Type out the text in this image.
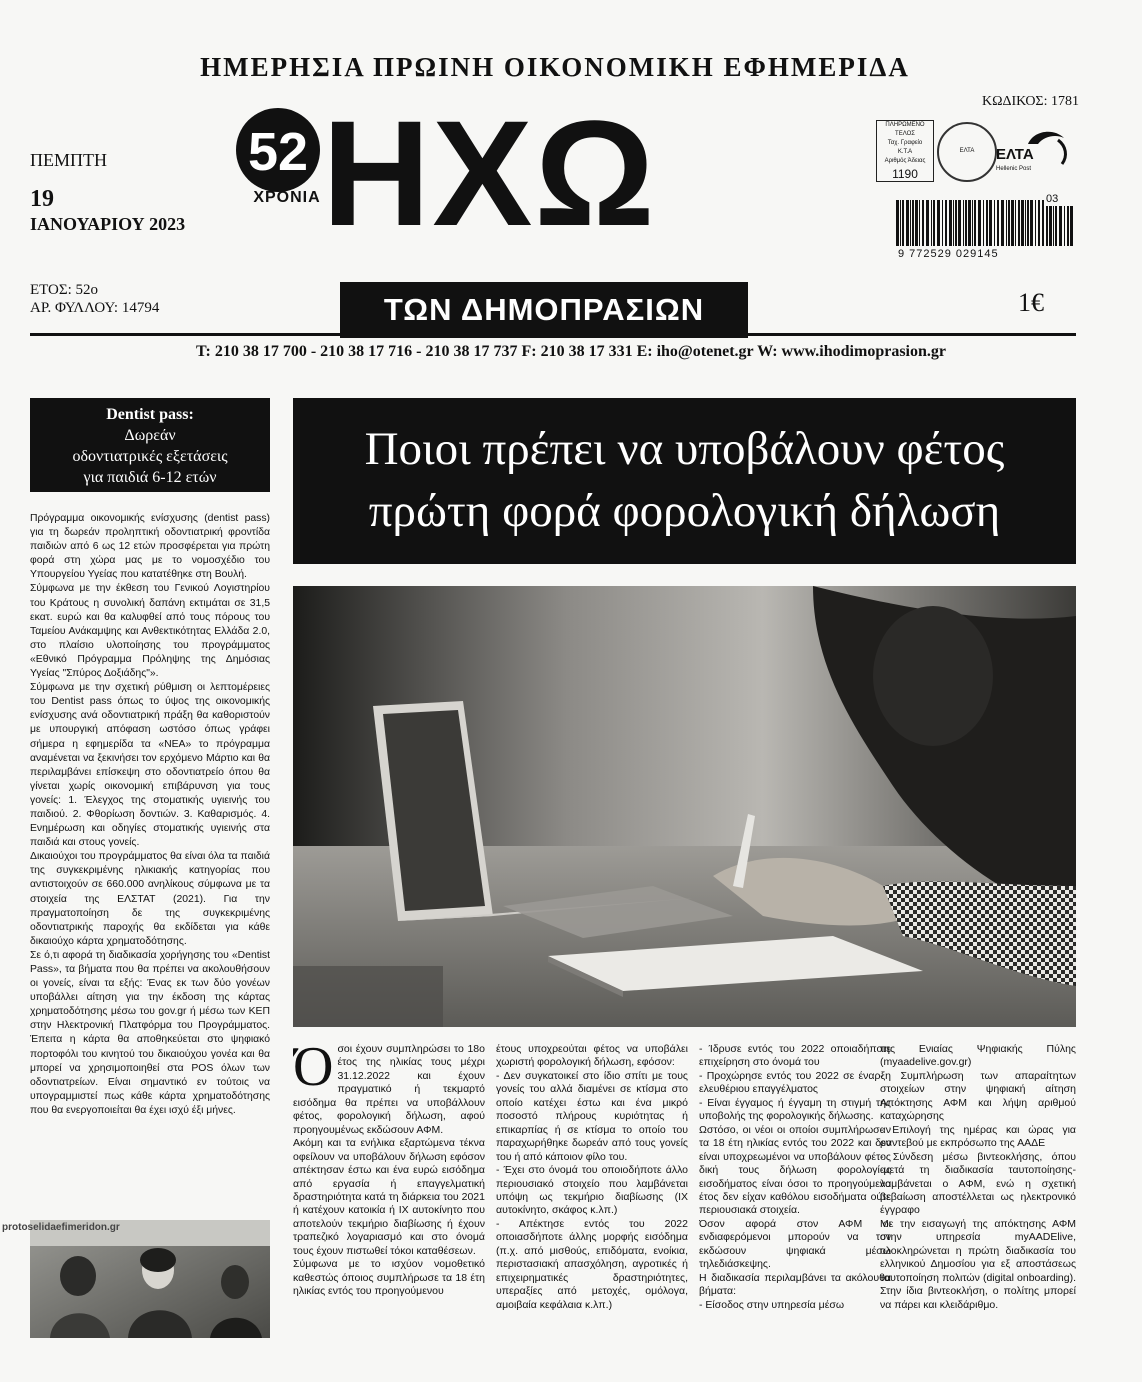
ΗΜΕΡΗΣΙΑ ΠΡΩΙΝΗ ΟΙΚΟΝΟΜΙΚΗ ΕΦΗΜΕΡΙΔΑ
ΠΕΜΠΤΗ
19
ΙΑΝΟΥΑΡΙΟΥ 2023
ΕΤΟΣ: 52ο
ΑΡ. ΦΥΛΛΟΥ: 14794
52
ΧΡΟΝΙΑ ΗΧΩ
ΤΩΝ ΔΗΜΟΠΡΑΣΙΩΝ
ΚΩΔΙΚΟΣ: 1781
ΠΛΗΡΩΜΕΝΟ
ΤΕΛΟΣ
Ταχ. Γραφείο
Κ.Τ.Α
Αριθμός Άδειας
1190
ΕΛΤΑ	ΕΛΤΑ
Hellenic Post
03
9 772529 029145
1€
T: 210 38 17 700 - 210 38 17 716 - 210 38 17 737 F: 210 38 17 331 E: iho@otenet.gr W: www.ihodimoprasion.gr
Dentist pass:
Δωρεάν
οδοντιατρικές εξετάσεις
για παιδιά 6-12 ετών

Πρόγραμμα οικονομικής ενίσχυσης (dentist pass) για τη δωρεάν προληπτική οδοντιατρική φροντίδα παιδιών από 6 ως 12 ετών προσφέρεται για πρώτη φορά στη χώρα μας με το νομοσχέδιο του Υπουργείου Υγείας που κατατέθηκε στη Βουλή.

Σύμφωνα με την έκθεση του Γενικού Λογιστηρίου του Κράτους η συνολική δαπάνη εκτιμάται σε 31,5 εκατ. ευρώ και θα καλυφθεί από τους πόρους του Ταμείου Ανάκαμψης και Ανθεκτικότητας Ελλάδα 2.0, στο πλαίσιο υλοποίησης του προγράμματος «Εθνικό Πρόγραμμα Πρόληψης της Δημόσιας Υγείας "Σπύρος Δοξιάδης"».

Σύμφωνα με την σχετική ρύθμιση οι λεπτομέρειες του Dentist pass όπως το ύψος της οικονομικής ενίσχυσης ανά οδοντιατρική πράξη θα καθοριστούν με υπουργική απόφαση ωστόσο όπως γράφει σήμερα η εφημερίδα τα «ΝΕΑ» το πρόγραμμα αναμένεται να ξεκινήσει τον ερχόμενο Μάρτιο και θα περιλαμβάνει επίσκεψη στο οδοντιατρείο όπου θα γίνεται χωρίς οικονομική επιβάρυνση για τους γονείς: 1. Έλεγχος της στοματικής υγιεινής του παιδιού. 2. Φθορίωση δοντιών. 3. Καθαρισμός. 4. Ενημέρωση και οδηγίες στοματικής υγιεινής στα παιδιά και στους γονείς.

Δικαιούχοι του προγράμματος θα είναι όλα τα παιδιά της συγκεκριμένης ηλικιακής κατηγορίας που αντιστοιχούν σε 660.000 ανηλίκους σύμφωνα με τα στοιχεία της ΕΛΣΤΑΤ (2021). Για την πραγματοποίηση δε της συγκεκριμένης οδοντιατρικής παροχής θα εκδίδεται για κάθε δικαιούχο κάρτα χρηματοδότησης.

Σε ό,τι αφορά τη διαδικασία χορήγησης του «Dentist Pass», τα βήματα που θα πρέπει να ακολουθήσουν οι γονείς, είναι τα εξής: Ένας εκ των δύο γονέων υποβάλλει αίτηση για την έκδοση της κάρτας χρηματοδότησης μέσω του gov.gr ή μέσω των ΚΕΠ στην Ηλεκτρονική Πλατφόρμα του Προγράμματος. Έπειτα η κάρτα θα αποθηκεύεται στο ψηφιακό πορτοφόλι του κινητού του δικαιούχου γονέα και θα μπορεί να χρησιμοποιηθεί στα POS όλων των οδοντιατρείων. Είναι σημαντικό εν τούτοις να υπογραμμιστεί πως κάθε κάρτα χρηματοδότησης που θα ενεργοποιείται θα έχει ισχύ έξι μήνες.

protoselidaefimeridon.gr
Ποιοι πρέπει να υποβάλουν φέτος
πρώτη φορά φορολογική δήλωση
Ό σοι έχουν συμπληρώσει το 18ο έτος της ηλικίας τους μέχρι 31.12.2022 και έχουν πραγματικό ή τεκμαρτό εισόδημα θα πρέπει να υποβάλλουν φέτος, φορολογική δήλωση, αφού προηγουμένως εκδώσουν ΑΦΜ.

Ακόμη και τα ενήλικα εξαρτώμενα τέκνα οφείλουν να υποβάλουν δήλωση εφόσον απέκτησαν έστω και ένα ευρώ εισόδημα από εργασία ή επαγγελματική δραστηριότητα κατά τη διάρκεια του 2021 ή κατέχουν κατοικία ή ΙΧ αυτοκίνητο που αποτελούν τεκμήριο διαβίωσης ή έχουν τραπεζικό λογαριασμό και στο όνομά τους έχουν πιστωθεί τόκοι καταθέσεων.

Σύμφωνα με το ισχύον νομοθετικό καθεστώς όποιος συμπλήρωσε τα 18 έτη ηλικίας εντός του προηγούμενου

έτους υποχρεούται φέτος να υποβάλει χωριστή φορολογική δήλωση, εφόσον:

- Δεν συγκατοικεί στο ίδιο σπίτι με τους γονείς του αλλά διαμένει σε κτίσμα στο οποίο κατέχει έστω και ένα μικρό ποσοστό πλήρους κυριότητας ή επικαρπίας ή σε κτίσμα το οποίο του παραχωρήθηκε δωρεάν από τους γονείς του ή από κάποιον φίλο του.

- Έχει στο όνομά του οποιοδήποτε άλλο περιουσιακό στοιχείο που λαμβάνεται υπόψη ως τεκμήριο διαβίωσης (ΙΧ αυτοκίνητο, σκάφος κ.λπ.)

- Απέκτησε εντός του 2022 οποιασδήποτε άλλης μορφής εισόδημα (π.χ. από μισθούς, επιδόματα, ενοίκια, περιστασιακή απασχόληση, αγροτικές ή επιχειρηματικές δραστηριότητες, υπεραξίες από μετοχές, ομόλογα, αμοιβαία κεφάλαια κ.λπ.)

- Ίδρυσε εντός του 2022 οποιαδήποτε επιχείρηση στο όνομά του

- Προχώρησε εντός του 2022 σε έναρξη ελευθέριου επαγγέλματος

- Είναι έγγαμος ή έγγαμη τη στιγμή της υποβολής της φορολογικής δήλωσης.

Ωστόσο, οι νέοι οι οποίοι συμπλήρωσαν τα 18 έτη ηλικίας εντός του 2022 και δεν είναι υποχρεωμένοι να υποβάλουν φέτος δική τους δήλωση φορολογίας εισοδήματος είναι όσοι το προηγούμενο έτος δεν είχαν καθόλου εισοδήματα ούτε περιουσιακά στοιχεία.

Όσον αφορά στον ΑΦΜ οι ενδιαφερόμενοι μπορούν να τον εκδώσουν ψηφιακά μέσω τηλεδιάσκεψης.

Η διαδικασία περιλαμβάνει τα ακόλουθα βήματα:

- Είσοδος στην υπηρεσία μέσω

της Ενιαίας Ψηφιακής Πύλης (myaadelive.gov.gr)

- Συμπλήρωση των απαραίτητων στοιχείων στην ψηφιακή αίτηση Απόκτησης ΑΦΜ και λήψη αριθμού καταχώρησης

- Επιλογή της ημέρας και ώρας για ραντεβού με εκπρόσωπο της ΑΑΔΕ

- Σύνδεση μέσω βιντεοκλήσης, όπου -μετά τη διαδικασία ταυτοποίησης- λαμβάνεται ο ΑΦΜ, ενώ η σχετική βεβαίωση αποστέλλεται ως ηλεκτρονικό έγγραφο

Με την εισαγωγή της απόκτησης ΑΦΜ στην υπηρεσία myAADElive, ολοκληρώνεται η πρώτη διαδικασία του ελληνικού Δημοσίου για εξ αποστάσεως ταυτοποίηση πολιτών (digital onboarding). Στην ίδια βιντεοκλήση, ο πολίτης μπορεί να πάρει και κλειδάριθμο.
